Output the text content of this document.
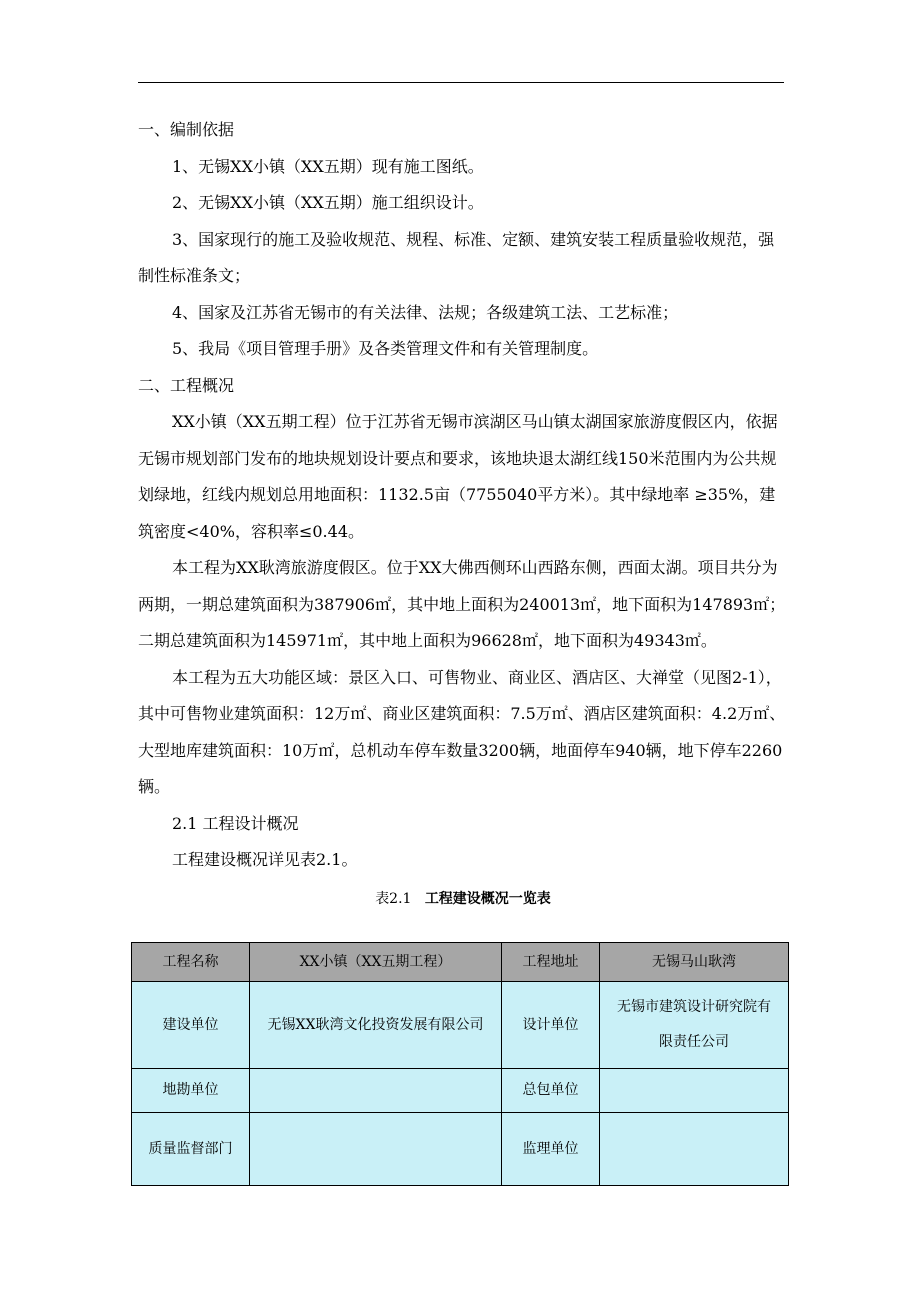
一、编制依据

1、无锡XX小镇（XX五期）现有施工图纸。

2、无锡XX小镇（XX五期）施工组织设计。

3、国家现行的施工及验收规范、规程、标准、定额、建筑安装工程质量验收规范，强制性标准条文；

4、国家及江苏省无锡市的有关法律、法规；各级建筑工法、工艺标准；

5、我局《项目管理手册》及各类管理文件和有关管理制度。

二、工程概况

XX小镇（XX五期工程）位于江苏省无锡市滨湖区马山镇太湖国家旅游度假区内，依据无锡市规划部门发布的地块规划设计要点和要求，该地块退太湖红线150米范围内为公共规划绿地，红线内规划总用地面积：1132.5亩（7755040平方米）。其中绿地率 ≥35%，建筑密度<40%，容积率≤0.44。

本工程为XX耿湾旅游度假区。位于XX大佛西侧环山西路东侧，西面太湖。项目共分为两期，一期总建筑面积为387906㎡，其中地上面积为240013㎡，地下面积为147893㎡；二期总建筑面积为145971㎡，其中地上面积为96628㎡，地下面积为49343㎡。

本工程为五大功能区域：景区入口、可售物业、商业区、酒店区、大禅堂（见图2-1），其中可售物业建筑面积：12万㎡、商业区建筑面积：7.5万㎡、酒店区建筑面积：4.2万㎡、大型地库建筑面积：10万㎡，总机动车停车数量3200辆，地面停车940辆，地下停车2260辆。

2.1 工程设计概况

工程建设概况详见表2.1。

表2.1 工程建设概况一览表

工程名称	XX小镇（XX五期工程）	工程地址	无锡马山耿湾
建设单位	无锡XX耿湾文化投资发展有限公司	设计单位	无锡市建筑设计研究院有限责任公司
地勘单位		总包单位	
质量监督部门		监理单位	
